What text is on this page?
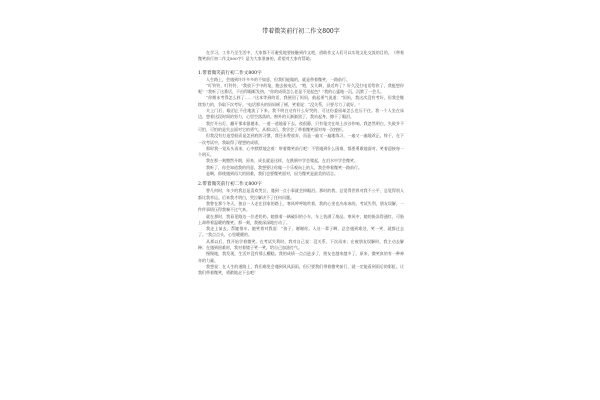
带着微笑前行初二作文800字

在学习，工作乃至生活中，大家都不可避免地要接触到作文吧，借助作文人们可以实现文化交流的目的。《带着微笑前行初二作文800字》是为大家准备的，希望对大家有帮助。

1.带着微笑前行初二作文800字

人生路上，会遇到许许多多的不如意，但我们能做的，就是带着微笑，一路前行。

“叮铃铃，叮铃铃，”我放下手中的笔，跑去接电话，“喂，女儿啊，最近咋了？好久没打电话给你了，我挺想你呢！”我听了这番话，不由得眼眶发热，“你的成绩怎么老是不见起色？”我的心猛地一沉，沉默了一会儿。

“你期末考得怎么样了……”这本等到的话，我便回了妈妈，鼓起勇气说道：“妈妈，我这次没有考好，但我会继续努力的，争取下次考好。”电话那头的妈妈顿了顿，笑着说：“没关系，只要尽力了就好。”

关上门后，眼泪止不住地流了下来。我不明白这有什么好哭的，可这份委屈却怎么也压不住。我一个人坐在床边，想着这段时间的努力，心里空落落的。窗外的天渐渐黑了，我站起身，擦干了眼泪。

我打开台灯，翻开那本错题本，一道一道地看下去。夜很静，只有笔尖在纸上沙沙作响。我忽然明白，失败并不可怕，可怕的是失去面对它的勇气。从那以后，我学会了带着微笑面对每一次挫折。

但我没有打退堂鼓而是怎到底的习惯，我还未曾放弃，而是一遍又一遍地练习，一遍又一遍地改正。终于，在下一次考试中，我取得了理想的成绩。

那时我一觉从头再来，心中默默地念着：带着微笑前行吧！不管遇到什么困难，都要勇敢地面对，笑着迎接每一个明天。

我在那一刻豁然开朗，原来，成长就是这样，在跌倒中学会爬起，在泪水中学会微笑。

我听了，你会知道我的用意，我想要让你做一个乐观向上的人，我会带着微笑一路前行。

是啊，即使遇到再大的困难，我们也要微笑面对，因为微笑是最美的语言。

2.带着微笑前行初二作文800字

曾几何时，年少的我总是喜欢哭泣，遇到一点小事就会掉眼泪。那时的我，总觉得世界对我不公平，总觉得别人都比我幸运。后来我才明白，哭泣解决不了任何问题。

我曾在那个冬天，独自一人走在回家的路上，寒风呼呼地吹着，我的心里也冷冰冰的。考试失利，朋友误解，一件件事情压得我喘不过气来。

就在那时，我看见路边一位老奶奶，她推着一辆破旧的小车，车上装满了废品。寒风中，她的脸冻得通红，可脸上却带着温暖的微笑。那一刻，我被深深地打动了。

我走上前去，帮她推车。她笑着对我说：“孩子，谢谢你。人这一辈子啊，总会遇到难处，笑一笑，就都过去了。”我点点头，心里暖暖的。

从那以后，我开始学着微笑。在考试失利时，我对自己说：没关系，下次再来；在被朋友误解时，我主动去解释；在遇到困难时，我对着镜子笑一笑，给自己加油打气。

慢慢地，我发现，生活并没有那么糟糕。我的成绩一点点进步了，朋友也越来越多了。原来，微笑真的有一种神奇的力量。

我想说：在人生的道路上，我们难免会遇到风风雨雨，但只要我们带着微笑前行，就一定能看到雨后的彩虹。让我们带着微笑，勇敢地走下去吧！
